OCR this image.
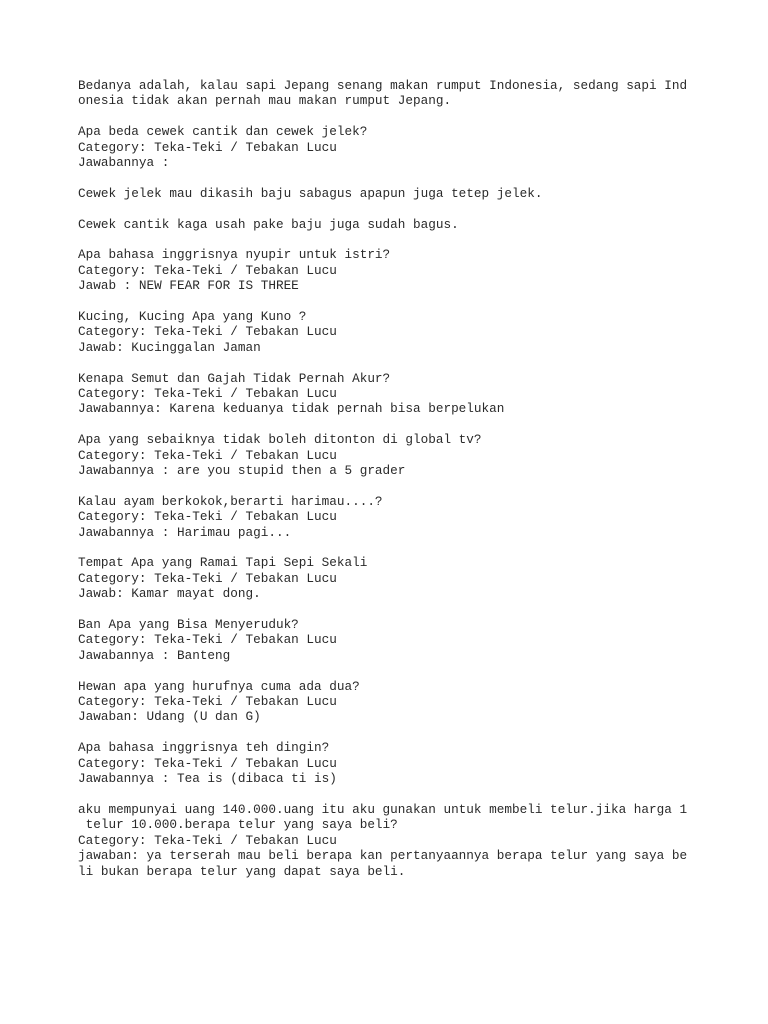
Bedanya adalah, kalau sapi Jepang senang makan rumput Indonesia, sedang sapi Ind
onesia tidak akan pernah mau makan rumput Jepang.
Apa beda cewek cantik dan cewek jelek?
Category: Teka-Teki / Tebakan Lucu
Jawabannya :
Cewek jelek mau dikasih baju sabagus apapun juga tetep jelek.
Cewek cantik kaga usah pake baju juga sudah bagus.
Apa bahasa inggrisnya nyupir untuk istri?
Category: Teka-Teki / Tebakan Lucu
Jawab : NEW FEAR FOR IS THREE
Kucing, Kucing Apa yang Kuno ?
Category: Teka-Teki / Tebakan Lucu
Jawab: Kucinggalan Jaman
Kenapa Semut dan Gajah Tidak Pernah Akur?
Category: Teka-Teki / Tebakan Lucu
Jawabannya: Karena keduanya tidak pernah bisa berpelukan
Apa yang sebaiknya tidak boleh ditonton di global tv?
Category: Teka-Teki / Tebakan Lucu
Jawabannya : are you stupid then a 5 grader
Kalau ayam berkokok,berarti harimau....?
Category: Teka-Teki / Tebakan Lucu
Jawabannya : Harimau pagi...
Tempat Apa yang Ramai Tapi Sepi Sekali
Category: Teka-Teki / Tebakan Lucu
Jawab: Kamar mayat dong.
Ban Apa yang Bisa Menyeruduk?
Category: Teka-Teki / Tebakan Lucu
Jawabannya : Banteng
Hewan apa yang hurufnya cuma ada dua?
Category: Teka-Teki / Tebakan Lucu
Jawaban: Udang (U dan G)
Apa bahasa inggrisnya teh dingin?
Category: Teka-Teki / Tebakan Lucu
Jawabannya : Tea is (dibaca ti is)
aku mempunyai uang 140.000.uang itu aku gunakan untuk membeli telur.jika harga 1
telur 10.000.berapa telur yang saya beli?
Category: Teka-Teki / Tebakan Lucu
jawaban: ya terserah mau beli berapa kan pertanyaannya berapa telur yang saya be
li bukan berapa telur yang dapat saya beli.
